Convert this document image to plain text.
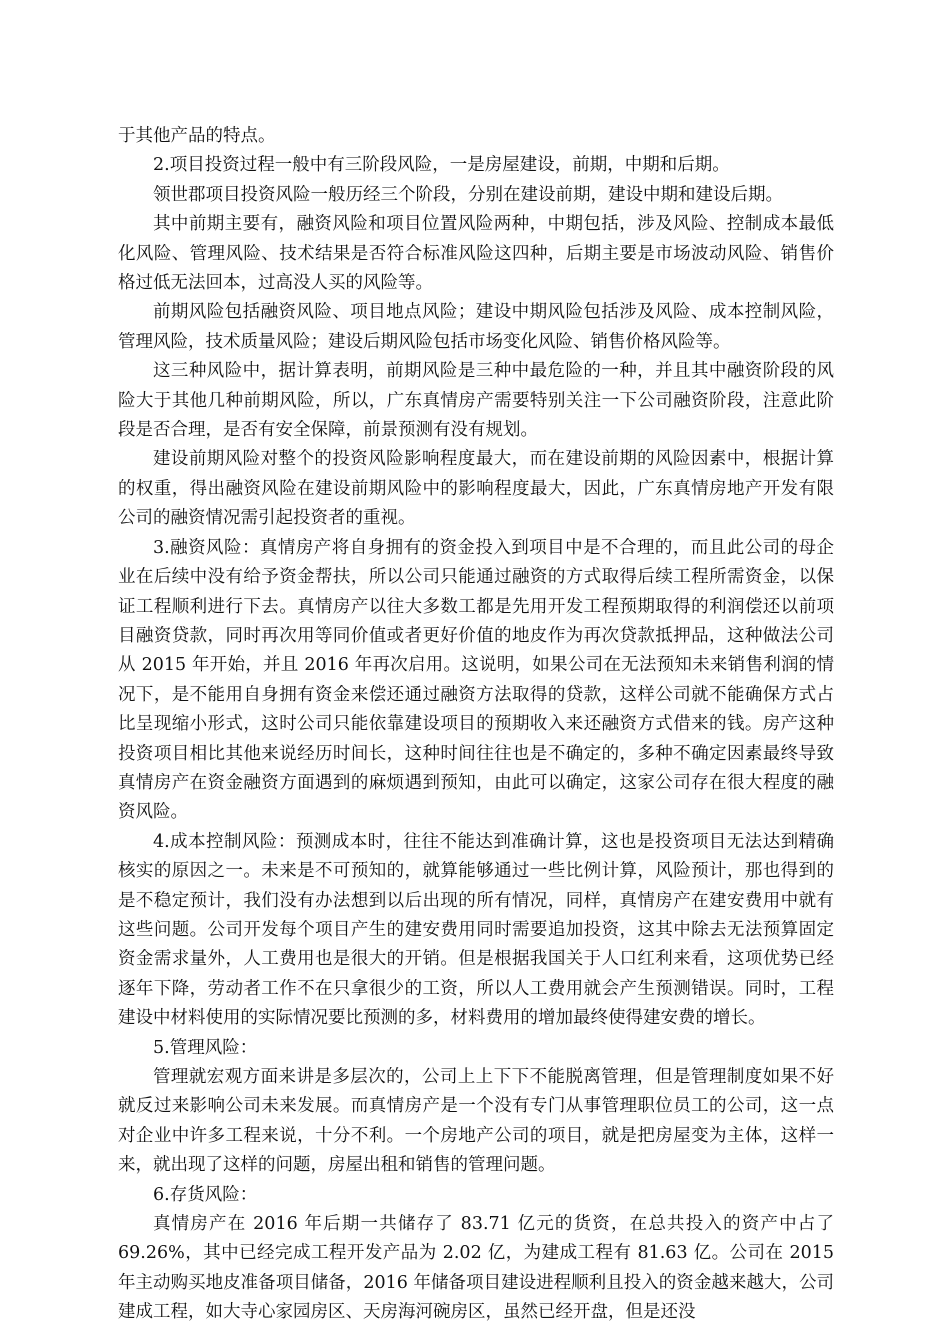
于其他产品的特点。

2.项目投资过程一般中有三阶段风险，一是房屋建设，前期，中期和后期。

领世郡项目投资风险一般历经三个阶段，分别在建设前期，建设中期和建设后期。

其中前期主要有，融资风险和项目位置风险两种，中期包括，涉及风险、控制成本最低化风险、管理风险、技术结果是否符合标准风险这四种，后期主要是市场波动风险、销售价格过低无法回本，过高没人买的风险等。

前期风险包括融资风险、项目地点风险；建设中期风险包括涉及风险、成本控制风险，管理风险，技术质量风险；建设后期风险包括市场变化风险、销售价格风险等。

这三种风险中，据计算表明，前期风险是三种中最危险的一种，并且其中融资阶段的风险大于其他几种前期风险，所以，广东真情房产需要特别关注一下公司融资阶段，注意此阶段是否合理，是否有安全保障，前景预测有没有规划。

建设前期风险对整个的投资风险影响程度最大，而在建设前期的风险因素中，根据计算的权重，得出融资风险在建设前期风险中的影响程度最大，因此，广东真情房地产开发有限公司的融资情况需引起投资者的重视。

3.融资风险：真情房产将自身拥有的资金投入到项目中是不合理的，而且此公司的母企业在后续中没有给予资金帮扶，所以公司只能通过融资的方式取得后续工程所需资金，以保证工程顺利进行下去。真情房产以往大多数工都是先用开发工程预期取得的利润偿还以前项目融资贷款，同时再次用等同价值或者更好价值的地皮作为再次贷款抵押品，这种做法公司从 2015 年开始，并且 2016 年再次启用。这说明，如果公司在无法预知未来销售利润的情况下，是不能用自身拥有资金来偿还通过融资方法取得的贷款，这样公司就不能确保方式占比呈现缩小形式，这时公司只能依靠建设项目的预期收入来还融资方式借来的钱。房产这种投资项目相比其他来说经历时间长，这种时间往往也是不确定的，多种不确定因素最终导致真情房产在资金融资方面遇到的麻烦遇到预知，由此可以确定，这家公司存在很大程度的融资风险。

4.成本控制风险：预测成本时，往往不能达到准确计算，这也是投资项目无法达到精确核实的原因之一。未来是不可预知的，就算能够通过一些比例计算，风险预计，那也得到的是不稳定预计，我们没有办法想到以后出现的所有情况，同样，真情房产在建安费用中就有这些问题。公司开发每个项目产生的建安费用同时需要追加投资，这其中除去无法预算固定资金需求量外，人工费用也是很大的开销。但是根据我国关于人口红利来看，这项优势已经逐年下降，劳动者工作不在只拿很少的工资，所以人工费用就会产生预测错误。同时，工程建设中材料使用的实际情况要比预测的多，材料费用的增加最终使得建安费的增长。

5.管理风险：

管理就宏观方面来讲是多层次的，公司上上下下不能脱离管理，但是管理制度如果不好就反过来影响公司未来发展。而真情房产是一个没有专门从事管理职位员工的公司，这一点对企业中许多工程来说，十分不利。一个房地产公司的项目，就是把房屋变为主体，这样一来，就出现了这样的问题，房屋出租和销售的管理问题。

6.存货风险：

真情房产在 2016 年后期一共储存了 83.71 亿元的货资，在总共投入的资产中占了 69.26%，其中已经完成工程开发产品为 2.02 亿，为建成工程有 81.63 亿。公司在 2015 年主动购买地皮准备项目储备，2016 年储备项目建设进程顺利且投入的资金越来越大，公司建成工程，如大寺心家园房区、天房海河碗房区，虽然已经开盘，但是还没
